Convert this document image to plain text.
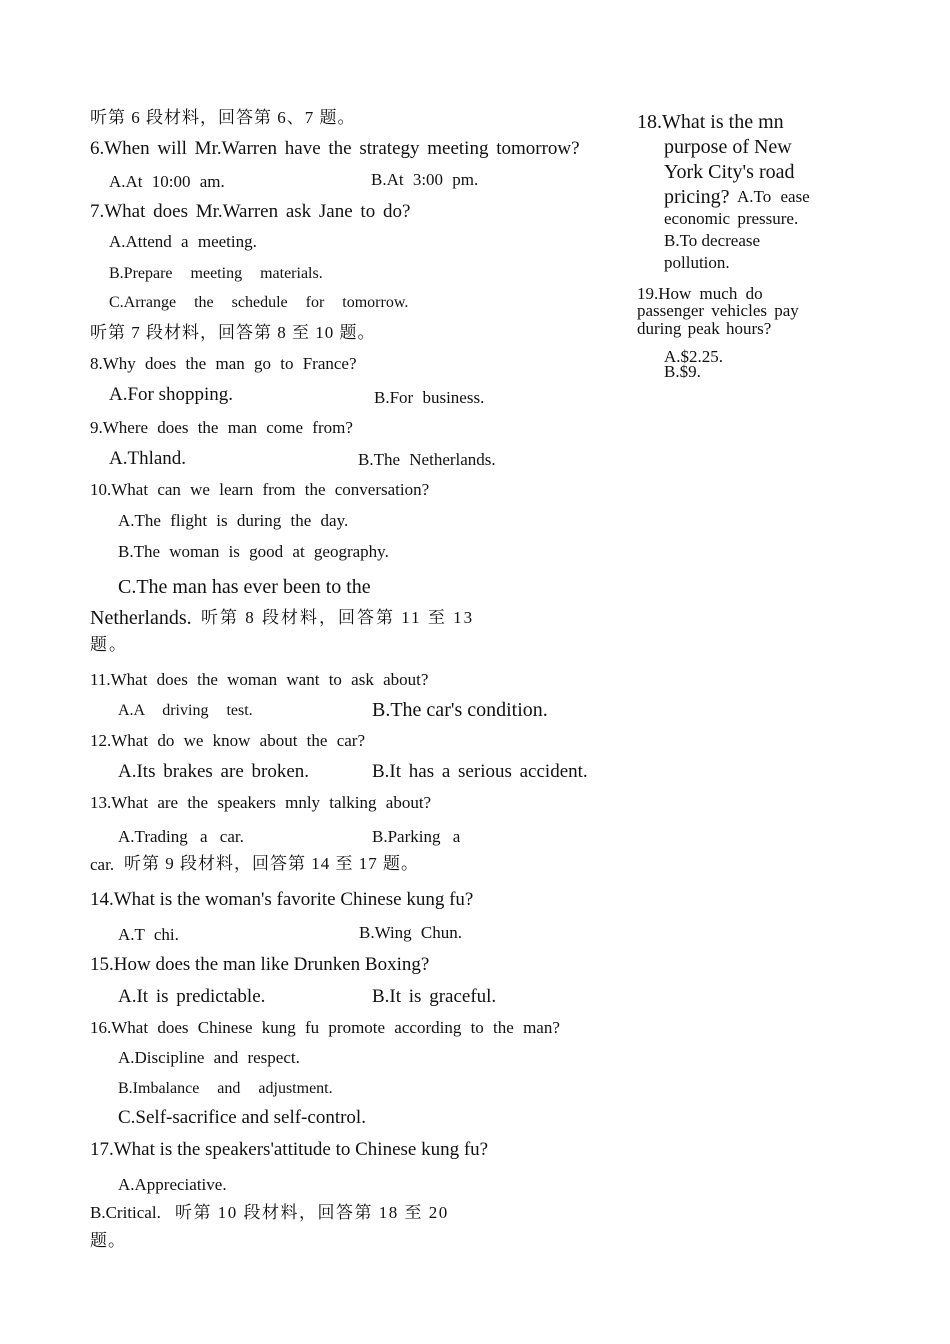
听第 6 段材料，回答第 6、7 题。
6.When will Mr.Warren have the strategy meeting tomorrow?
A.At 10:00 am.	B.At 3:00 pm.
7.What does Mr.Warren ask Jane to do?
A.Attend a meeting.
B.Prepare meeting materials.
C.Arrange the schedule for tomorrow.
听第 7 段材料，回答第 8 至 10 题。
8.Why does the man go to France?
A.For shopping.	B.For business.
9.Where does the man come from?
A.Thland.	B.The Netherlands.
10.What can we learn from the conversation?
A.The flight is during the day.
B.The woman is good at geography.
C.The man has ever been to the
Netherlands. 听第 8 段材料，回答第 11 至 13
题。
11.What does the woman want to ask about?
A.A driving test.	B.The car's condition.
12.What do we know about the car?
A.Its brakes are broken.	B.It has a serious accident.
13.What are the speakers mnly talking about?
A.Trading a car.	B.Parking a
car. 听第 9 段材料，回答第 14 至 17 题。
14.What is the woman's favorite Chinese kung fu?
A.T chi.	B.Wing Chun.
15.How does the man like Drunken Boxing?
A.It is predictable.	B.It is graceful.
16.What does Chinese kung fu promote according to the man?
A.Discipline and respect.
B.Imbalance and adjustment.
C.Self-sacrifice and self-control.
17.What is the speakers'attitude to Chinese kung fu?
A.Appreciative.
B.Critical. 听第 10 段材料，回答第 18 至 20
题。
18.What is the mn
purpose of New
York City's road
pricing? A.To ease
economic pressure.
B.To decrease
pollution.
19.How much do
passenger vehicles pay
during peak hours?
A.$2.25.
B.$9.
